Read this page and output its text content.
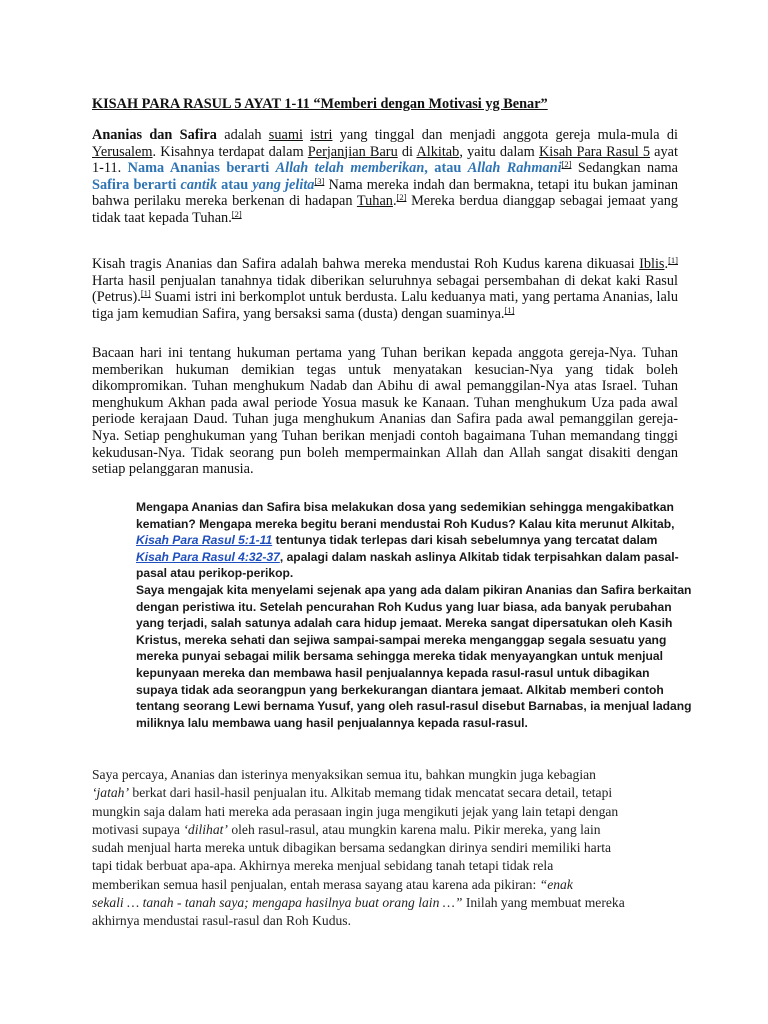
KISAH PARA RASUL 5 AYAT 1-11 “Memberi dengan Motivasi yg Benar”

Ananias dan Safira adalah suami istri yang tinggal dan menjadi anggota gereja mula-mula di Yerusalem. Kisahnya terdapat dalam Perjanjian Baru di Alkitab, yaitu dalam Kisah Para Rasul 5 ayat 1-11. Nama Ananias berarti Allah telah memberikan, atau Allah Rahmani[2] Sedangkan nama Safira berarti cantik atau yang jelita[3] Nama mereka indah dan bermakna, tetapi itu bukan jaminan bahwa perilaku mereka berkenan di hadapan Tuhan.[2] Mereka berdua dianggap sebagai jemaat yang tidak taat kepada Tuhan.[2]

Kisah tragis Ananias dan Safira adalah bahwa mereka mendustai Roh Kudus karena dikuasai Iblis.[1] Harta hasil penjualan tanahnya tidak diberikan seluruhnya sebagai persembahan di dekat kaki Rasul (Petrus).[1] Suami istri ini berkomplot untuk berdusta. Lalu keduanya mati, yang pertama Ananias, lalu tiga jam kemudian Safira, yang bersaksi sama (dusta) dengan suaminya.[1]

Bacaan hari ini tentang hukuman pertama yang Tuhan berikan kepada anggota gereja-Nya. Tuhan memberikan hukuman demikian tegas untuk menyatakan kesucian-Nya yang tidak boleh dikompromikan. Tuhan menghukum Nadab dan Abihu di awal pemanggilan-Nya atas Israel. Tuhan menghukum Akhan pada awal periode Yosua masuk ke Kanaan. Tuhan menghukum Uza pada awal periode kerajaan Daud. Tuhan juga menghukum Ananias dan Safira pada awal pemanggilan gereja-Nya. Setiap penghukuman yang Tuhan berikan menjadi contoh bagaimana Tuhan memandang tinggi kekudusan-Nya. Tidak seorang pun boleh mempermainkan Allah dan Allah sangat disakiti dengan setiap pelanggaran manusia.

Mengapa Ananias dan Safira bisa melakukan dosa yang sedemikian sehingga mengakibatkan
kematian? Mengapa mereka begitu berani mendustai Roh Kudus? Kalau kita merunut Alkitab,
Kisah Para Rasul 5:1-11 tentunya tidak terlepas dari kisah sebelumnya yang tercatat dalam
Kisah Para Rasul 4:32-37, apalagi dalam naskah aslinya Alkitab tidak terpisahkan dalam pasal-
pasal atau perikop-perikop.
Saya mengajak kita menyelami sejenak apa yang ada dalam pikiran Ananias dan Safira berkaitan
dengan peristiwa itu. Setelah pencurahan Roh Kudus yang luar biasa, ada banyak perubahan
yang terjadi, salah satunya adalah cara hidup jemaat. Mereka sangat dipersatukan oleh Kasih
Kristus, mereka sehati dan sejiwa sampai-sampai mereka menganggap segala sesuatu yang
mereka punyai sebagai milik bersama sehingga mereka tidak menyayangkan untuk menjual
kepunyaan mereka dan membawa hasil penjualannya kepada rasul-rasul untuk dibagikan
supaya tidak ada seorangpun yang berkekurangan diantara jemaat. Alkitab memberi contoh
tentang seorang Lewi bernama Yusuf, yang oleh rasul-rasul disebut Barnabas, ia menjual ladang
miliknya lalu membawa uang hasil penjualannya kepada rasul-rasul.
Saya percaya, Ananias dan isterinya menyaksikan semua itu, bahkan mungkin juga kebagian
‘jatah’ berkat dari hasil-hasil penjualan itu. Alkitab memang tidak mencatat secara detail, tetapi
mungkin saja dalam hati mereka ada perasaan ingin juga mengikuti jejak yang lain tetapi dengan
motivasi supaya ‘dilihat’ oleh rasul-rasul, atau mungkin karena malu. Pikir mereka, yang lain
sudah menjual harta mereka untuk dibagikan bersama sedangkan dirinya sendiri memiliki harta
tapi tidak berbuat apa-apa. Akhirnya mereka menjual sebidang tanah tetapi tidak rela
memberikan semua hasil penjualan, entah merasa sayang atau karena ada pikiran: “enak
sekali … tanah - tanah saya; mengapa hasilnya buat orang lain …” Inilah yang membuat mereka
akhirnya mendustai rasul-rasul dan Roh Kudus.
